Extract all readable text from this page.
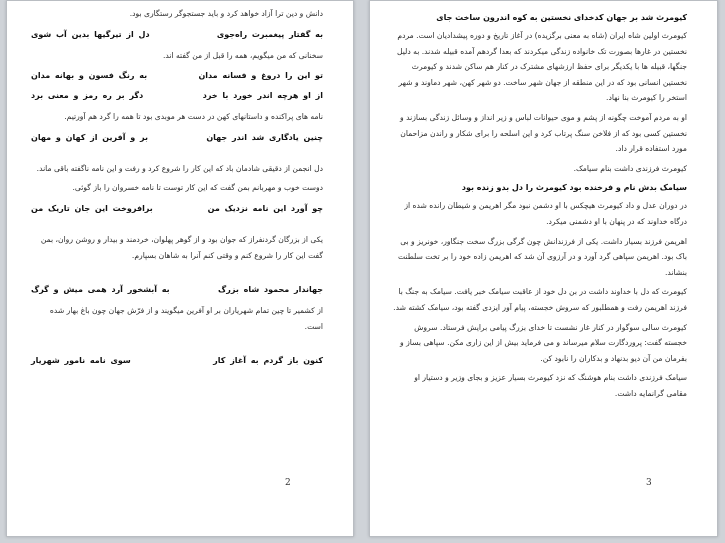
دانش و دین ترا آزاد خواهد کرد و باید جستجوگر رستگاری بود.
به گفتار پیغمبرت راه‌جوی
دل از تیرگیها بدین آب شوی
سخنانی که من میگویم، همه را قبل از من گفته اند.
تو این را دروغ و فسانه مدان
به رنگ فسون و بهانه مدان
از او هرچه اندر خورد با خرد
دگر بر ره رمز و معنی برد
نامه های پراکنده و داستانهای کهن در دست هر موبدی بود تا همه را گرد هم آورتیم.
چنین یادگاری شد اندر جهان
بر و آفرین از کهان و مهان
دل انجمن از دقیقی شادمان باد که این کار را شروع کرد و رفت و این نامه ناگفته باقی ماند.
دوست خوب و مهربانم بمن گفت که این کار توست تا نامه خسروان را باز گوئی.
چو آورد این نامه نزدیک من
برافروخت این جان تاریک من
یکی از بزرگان گردنفراز که جوان بود و از گوهر پهلوان، خردمند و بیدار و روشن روان، بمن گفت این کار را شروع کنم و وقتی کنم آنرا به شاهان بسپارم.
جهاندار محمود شاه بزرگ
به آبشخور آرد همی میش و گرگ
از کشمیر تا چین تمام شهرياران بر او آفرین میگویند و از فرّش جهان چون باغ بهار شده است.
کنون باز گردم به آغاز کار
سوی نامه نامور شهریار
2
کیومرث شد بر جهان کدخدای نخستین به کوه اندرون ساخت جای
کیومرث اولین شاه ایران (شاه به معنی برگزیده) در آغاز تاریخ و دوره پیشدادیان است. مردم نخستین در غارها بصورت تک خانواده زندگی میکردند که بعدا گردهم آمده قبیله شدند. به دلیل جنگها، قبیله ها با یکدیگر برای حفظ ارزشهای مشترک در کنار هم ساکن شدند و کیومرث نخستین انسانی بود که در این منطقه از جهان شهر ساخت. دو شهر کهن، شهر دماوند و شهر استخر را کیومرث بنا نهاد.
او به مردم آموخت چگونه از پشم و موی حیوانات لباس و زیر انداز و وسائل زندگی بسازند و نخستین کسی بود که از فلاخن سنگ پرتاب کرد و این اسلحه را برای شکار و راندن مزاحمان مورد استفاده قرار داد.
کیومرث فرزندی داشت بنام سیامک.
سیامک بدش نام و فرخنده بود کیومرث را دل بدو زنده بود
در دوران عدل و داد کیومرث هیچکس با او دشمن نبود مگر اهریمن و شیطان رانده شده از درگاه خداوند که در پنهان با او دشمنی میکرد.
اهریمن فرزند بسیار داشت. یکی از فرزندانش چون گرگی بزرگ سخت جنگاور، خونریز و بی باک بود. اهریمن سپاهی گرد آورد و در آرزوی آن شد که اهریمن زاده خود را بر تخت سلطنت بنشاند.
کیومرث که دل با خداوند داشت در بن دل خود از عاقبت سیامک خبر یافت. سیامک به جنگ با فرزند اهریمن رفت و همطلبور که سروش خجسته، پیام آور ایزدی گفته بود، سیامک کشته شد.
کیومرث سالی سوگوار در کنار غار نشست تا خدای بزرگ پیامی برایش فرستاد. سروش خجسته گفت: پروردگارت سلام میرساند و می فرماید بیش از این زاری مکن. سپاهی بساز و بفرمان من آن دیو بدنهاد و بدکاران را نابود کن.
سیامک فرزندی داشت بنام هوشنگ که نزد کیومرث بسیار عزیز و بجای وزیر و دستیار او مقامی گرانمایه داشت.
3
